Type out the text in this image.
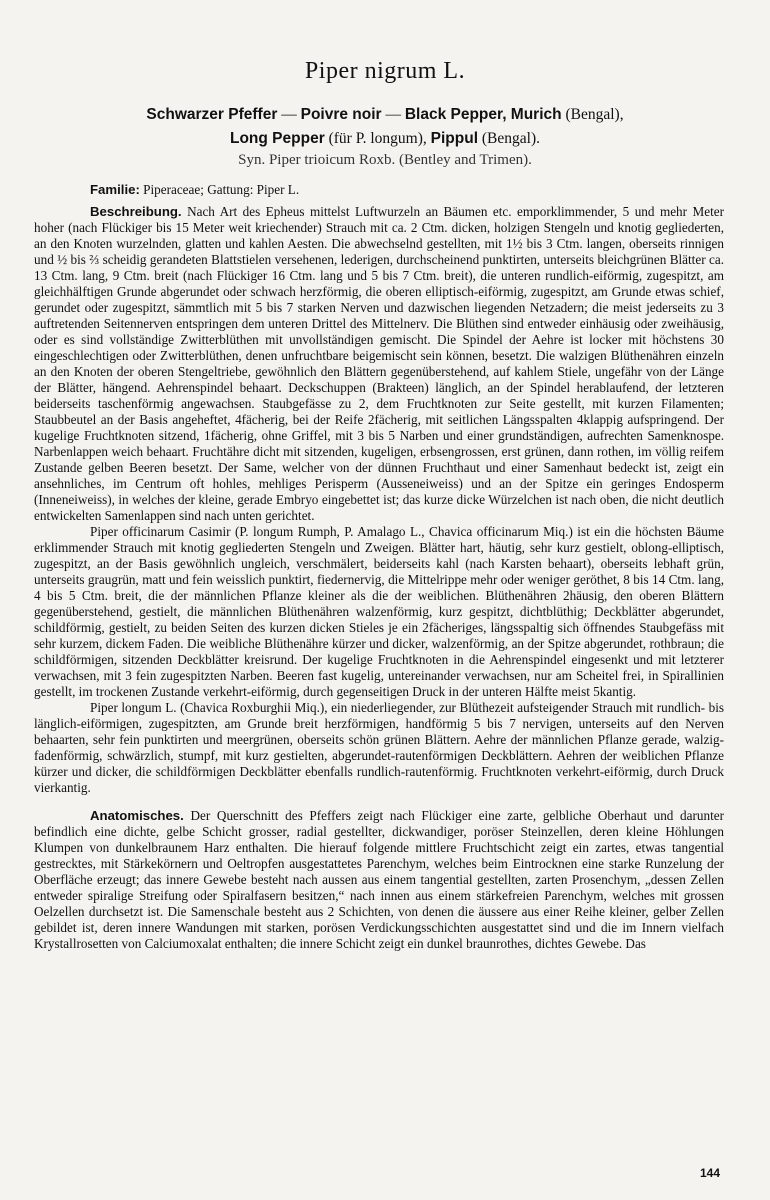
Piper nigrum L.
Schwarzer Pfeffer — Poivre noir — Black Pepper, Murich (Bengal),
Long Pepper (für P. longum), Pippul (Bengal).
Syn. Piper trioicum Roxb. (Bentley and Trimen).

Familie: Piperaceae; Gattung: Piper L.

Beschreibung. Nach Art des Epheus mittelst Luftwurzeln an Bäumen etc. emporklimmender, 5 und mehr Meter hoher (nach Flückiger bis 15 Meter weit kriechender) Strauch mit ca. 2 Ctm. dicken, holzigen Stengeln und knotig gegliederten, an den Knoten wurzelnden, glatten und kahlen Aesten. Die abwechselnd gestellten, mit 1½ bis 3 Ctm. langen, oberseits rinnigen und ½ bis ⅔ scheidig gerandeten Blattstielen versehenen, lederigen, durchscheinend punktirten, unterseits bleichgrünen Blätter ca. 13 Ctm. lang, 9 Ctm. breit (nach Flückiger 16 Ctm. lang und 5 bis 7 Ctm. breit), die unteren rundlich-eiförmig, zugespitzt, am gleichhälftigen Grunde abgerundet oder schwach herzförmig, die oberen elliptisch-eiförmig, zugespitzt, am Grunde etwas schief, gerundet oder zugespitzt, sämmtlich mit 5 bis 7 starken Nerven und dazwischen liegenden Netzadern; die meist jederseits zu 3 auftretenden Seitennerven entspringen dem unteren Drittel des Mittelnerv. Die Blüthen sind entweder einhäusig oder zweihäusig, oder es sind vollständige Zwitterblüthen mit unvollständigen gemischt. Die Spindel der Aehre ist locker mit höchstens 30 eingeschlechtigen oder Zwitterblüthen, denen unfruchtbare beigemischt sein können, besetzt. Die walzigen Blüthenähren einzeln an den Knoten der oberen Stengeltriebe, gewöhnlich den Blättern gegenüberstehend, auf kahlem Stiele, ungefähr von der Länge der Blätter, hängend. Aehrenspindel behaart. Deckschuppen (Brakteen) länglich, an der Spindel herablaufend, der letzteren beiderseits taschenförmig angewachsen. Staubgefässe zu 2, dem Fruchtknoten zur Seite gestellt, mit kurzen Filamenten; Staubbeutel an der Basis angeheftet, 4fächerig, bei der Reife 2fächerig, mit seitlichen Längsspalten 4klappig aufspringend. Der kugelige Fruchtknoten sitzend, 1fächerig, ohne Griffel, mit 3 bis 5 Narben und einer grundständigen, aufrechten Samenknospe. Narbenlappen weich behaart. Fruchtähre dicht mit sitzenden, kugeligen, erbsengrossen, erst grünen, dann rothen, im völlig reifem Zustande gelben Beeren besetzt. Der Same, welcher von der dünnen Fruchthaut und einer Samenhaut bedeckt ist, zeigt ein ansehnliches, im Centrum oft hohles, mehliges Perisperm (Ausseneiweiss) und an der Spitze ein geringes Endosperm (Inneneiweiss), in welches der kleine, gerade Embryo eingebettet ist; das kurze dicke Würzelchen ist nach oben, die nicht deutlich entwickelten Samenlappen sind nach unten gerichtet.

Piper officinarum Casimir (P. longum Rumph, P. Amalago L., Chavica officinarum Miq.) ist ein die höchsten Bäume erklimmender Strauch mit knotig gegliederten Stengeln und Zweigen. Blätter hart, häutig, sehr kurz gestielt, oblong-elliptisch, zugespitzt, an der Basis gewöhnlich ungleich, verschmälert, beiderseits kahl (nach Karsten behaart), oberseits lebhaft grün, unterseits graugrün, matt und fein weisslich punktirt, fiedernervig, die Mittelrippe mehr oder weniger geröthet, 8 bis 14 Ctm. lang, 4 bis 5 Ctm. breit, die der männlichen Pflanze kleiner als die der weiblichen. Blüthenähren 2häusig, den oberen Blättern gegenüberstehend, gestielt, die männlichen Blüthenähren walzenförmig, kurz gespitzt, dichtblüthig; Deckblätter abgerundet, schildförmig, gestielt, zu beiden Seiten des kurzen dicken Stieles je ein 2fächeriges, längsspaltig sich öffnendes Staubgefäss mit sehr kurzem, dickem Faden. Die weibliche Blüthenähre kürzer und dicker, walzenförmig, an der Spitze abgerundet, rothbraun; die schildförmigen, sitzenden Deckblätter kreisrund. Der kugelige Fruchtknoten in die Aehrenspindel eingesenkt und mit letzterer verwachsen, mit 3 fein zugespitzten Narben. Beeren fast kugelig, untereinander verwachsen, nur am Scheitel frei, in Spirallinien gestellt, im trockenen Zustande verkehrt-eiförmig, durch gegenseitigen Druck in der unteren Hälfte meist 5kantig.

Piper longum L. (Chavica Roxburghii Miq.), ein niederliegender, zur Blüthezeit aufsteigender Strauch mit rundlich- bis länglich-eiförmigen, zugespitzten, am Grunde breit herzförmigen, handförmig 5 bis 7 nervigen, unterseits auf den Nerven behaarten, sehr fein punktirten und meergrünen, oberseits schön grünen Blättern. Aehre der männlichen Pflanze gerade, walzig-fadenförmig, schwärzlich, stumpf, mit kurz gestielten, abgerundet-rautenförmigen Deckblättern. Aehren der weiblichen Pflanze kürzer und dicker, die schildförmigen Deckblätter ebenfalls rundlich-rautenförmig. Fruchtknoten verkehrt-eiförmig, durch Druck vierkantig.

Anatomisches. Der Querschnitt des Pfeffers zeigt nach Flückiger eine zarte, gelbliche Oberhaut und darunter befindlich eine dichte, gelbe Schicht grosser, radial gestellter, dickwandiger, poröser Steinzellen, deren kleine Höhlungen Klumpen von dunkelbraunem Harz enthalten. Die hierauf folgende mittlere Fruchtschicht zeigt ein zartes, etwas tangential gestrecktes, mit Stärkekörnern und Oeltropfen ausgestattetes Parenchym, welches beim Eintrocknen eine starke Runzelung der Oberfläche erzeugt; das innere Gewebe besteht nach aussen aus einem tangential gestellten, zarten Prosenchym, „dessen Zellen entweder spiralige Streifung oder Spiralfasern besitzen,“ nach innen aus einem stärkefreien Parenchym, welches mit grossen Oelzellen durchsetzt ist. Die Samenschale besteht aus 2 Schichten, von denen die äussere aus einer Reihe kleiner, gelber Zellen gebildet ist, deren innere Wandungen mit starken, porösen Verdickungsschichten ausgestattet sind und die im Innern vielfach Krystallrosetten von Calciumoxalat enthalten; die innere Schicht zeigt ein dunkel braunrothes, dichtes Gewebe. Das

144
